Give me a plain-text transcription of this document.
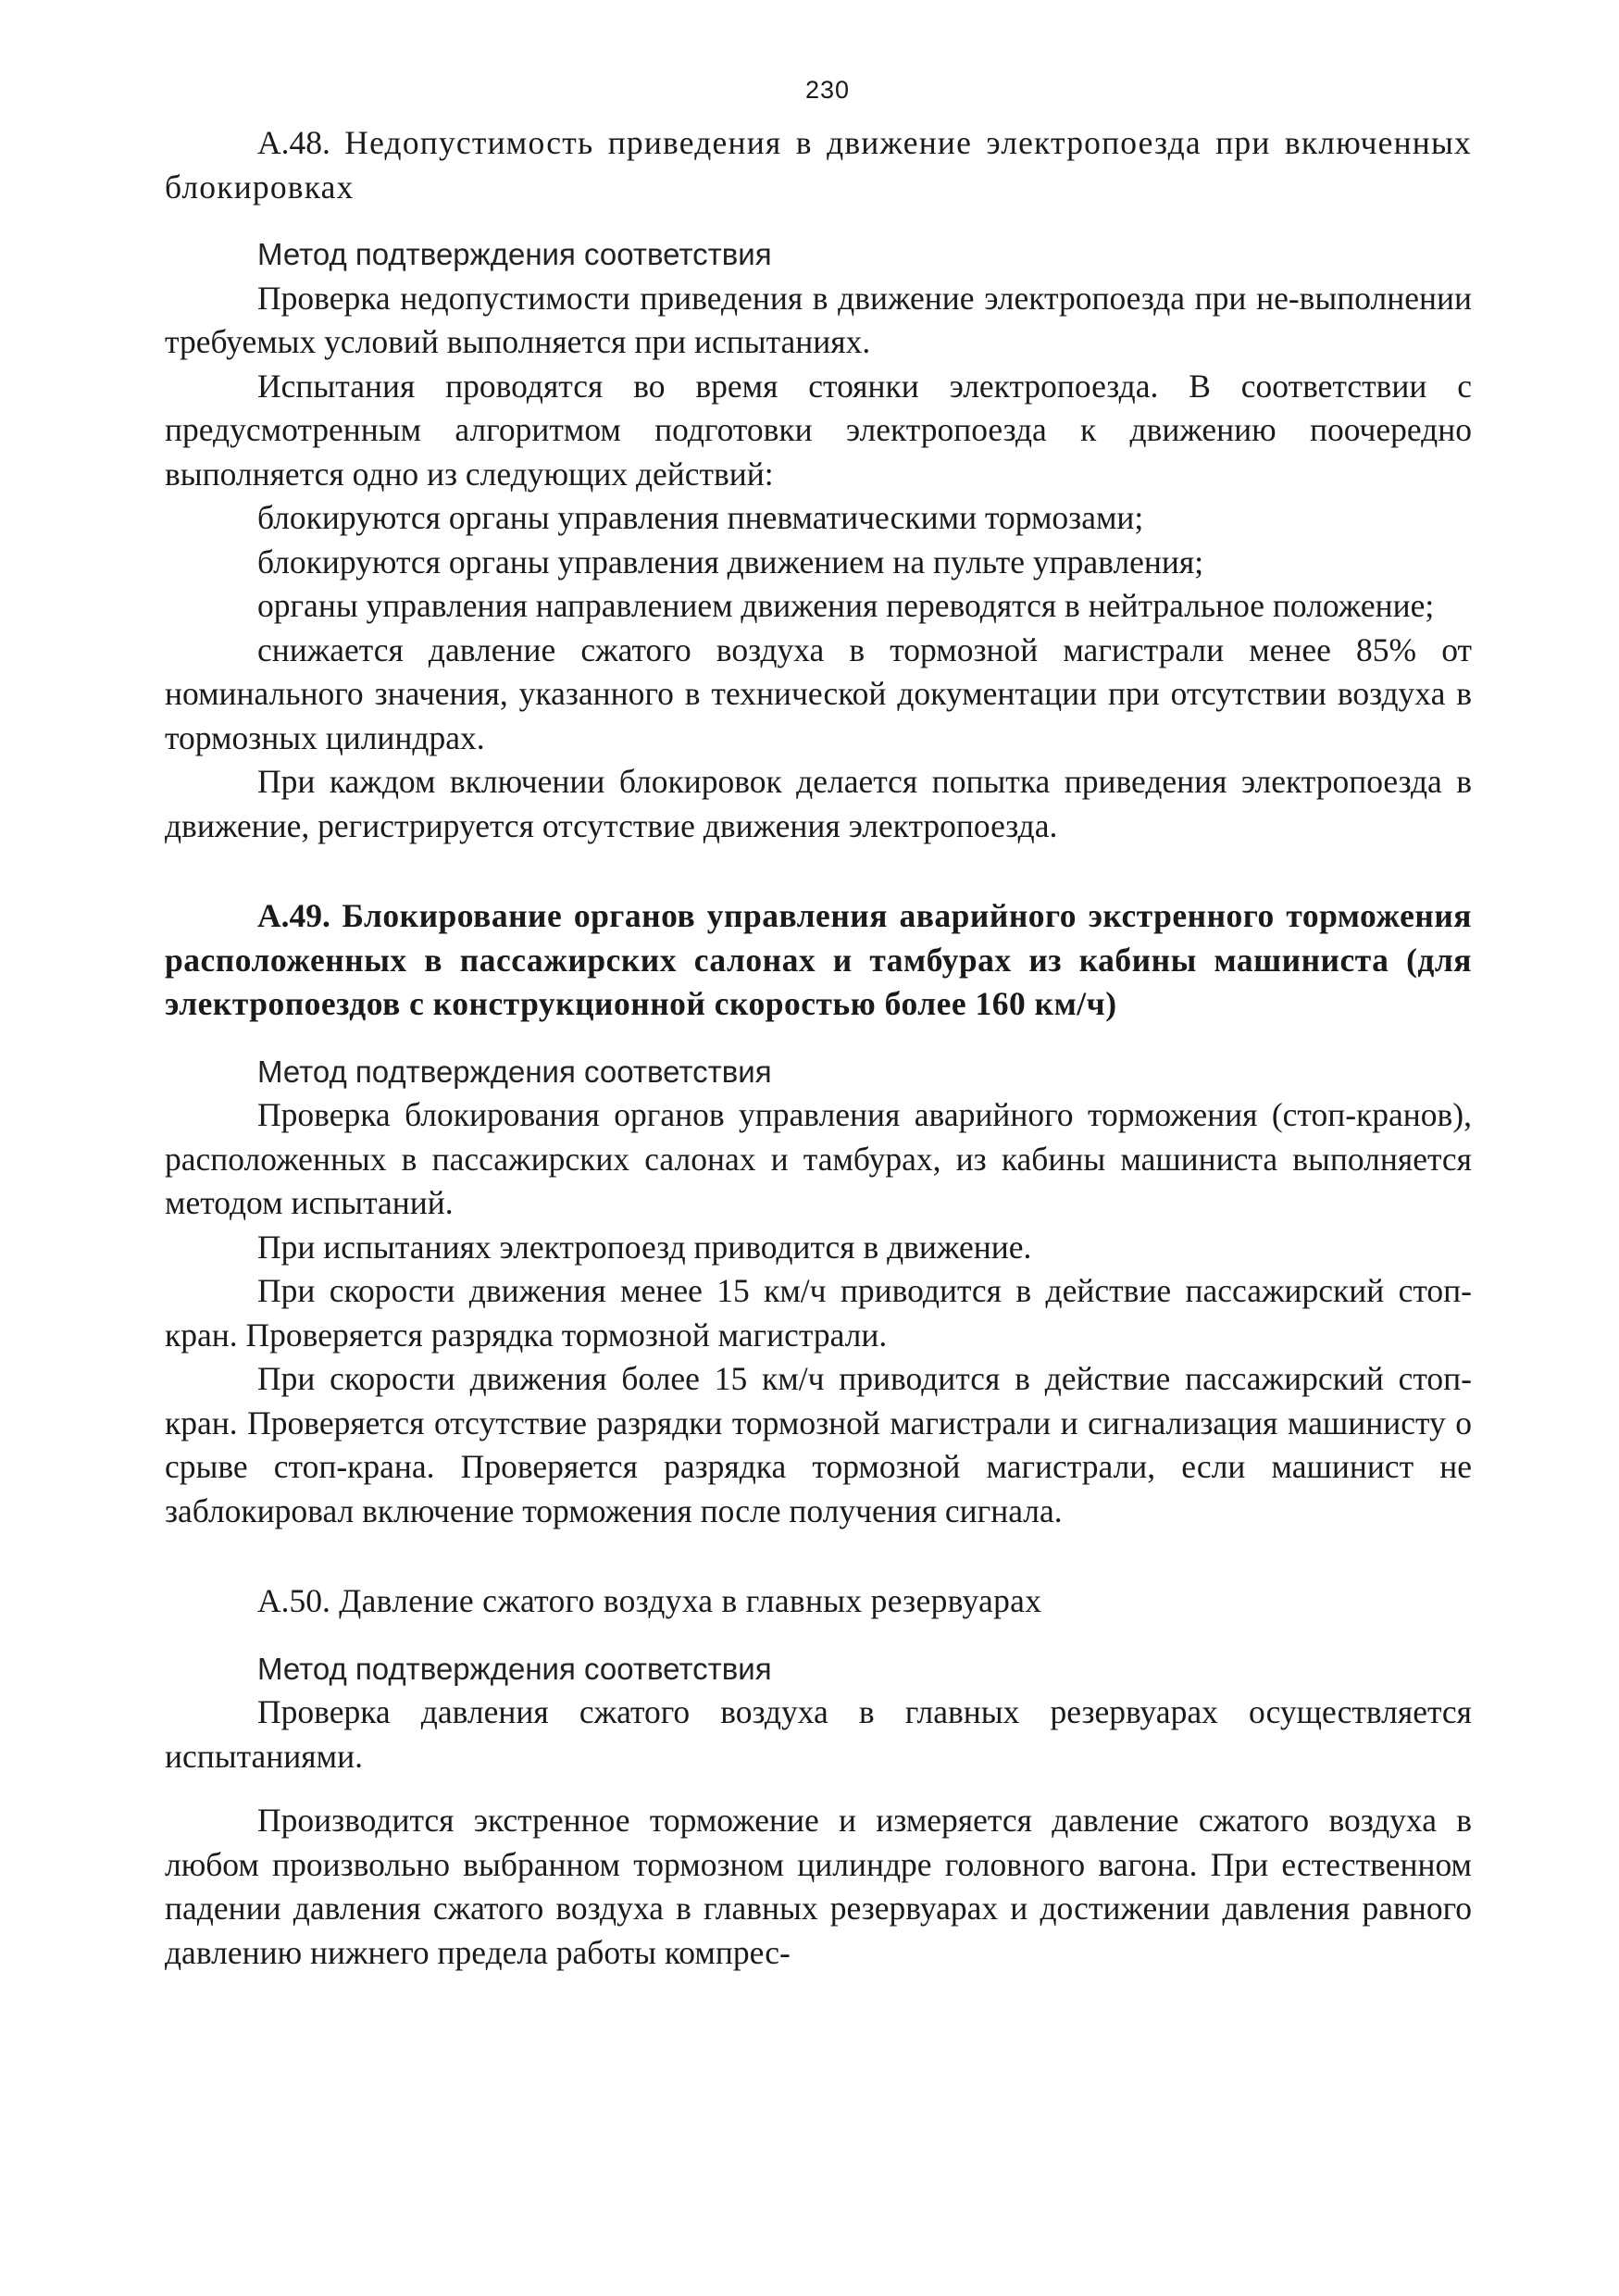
230

А.48. Недопустимость приведения в движение электропоезда при включенных блокировках

Метод подтверждения соответствия

Проверка недопустимости приведения в движение электропоезда при не-выполнении требуемых условий выполняется при испытаниях.

Испытания проводятся во время стоянки электропоезда. В соответствии с предусмотренным алгоритмом подготовки электропоезда к движению поочередно выполняется одно из следующих действий:

блокируются органы управления пневматическими тормозами;

блокируются органы управления движением на пульте управления;

органы управления направлением движения переводятся в нейтральное положение;

снижается давление сжатого воздуха в тормозной магистрали менее 85% от номинального значения, указанного в технической документации при отсутствии воздуха в тормозных цилиндрах.

При каждом включении блокировок делается попытка приведения электропоезда в движение, регистрируется отсутствие движения электропоезда.

А.49. Блокирование органов управления аварийного экстренного торможения расположенных в пассажирских салонах и тамбурах из кабины машиниста (для электропоездов с конструкционной скоростью более 160 км/ч)

Метод подтверждения соответствия

Проверка блокирования органов управления аварийного торможения (стоп-кранов), расположенных в пассажирских салонах и тамбурах, из кабины машиниста выполняется методом испытаний.

При испытаниях электропоезд приводится в движение.

При скорости движения менее 15 км/ч приводится в действие пассажирский стоп-кран. Проверяется разрядка тормозной магистрали.

При скорости движения более 15 км/ч приводится в действие пассажирский стоп-кран. Проверяется отсутствие разрядки тормозной магистрали и сигнализация машинисту о срыве стоп-крана. Проверяется разрядка тормозной магистрали, если машинист не заблокировал включение торможения после получения сигнала.

А.50. Давление сжатого воздуха в главных резервуарах

Метод подтверждения соответствия

Проверка давления сжатого воздуха в главных резервуарах осуществляется испытаниями.

Производится экстренное торможение и измеряется давление сжатого воздуха в любом произвольно выбранном тормозном цилиндре головного вагона. При естественном падении давления сжатого воздуха в главных резервуарах и достижении давления равного давлению нижнего предела работы компрес-
